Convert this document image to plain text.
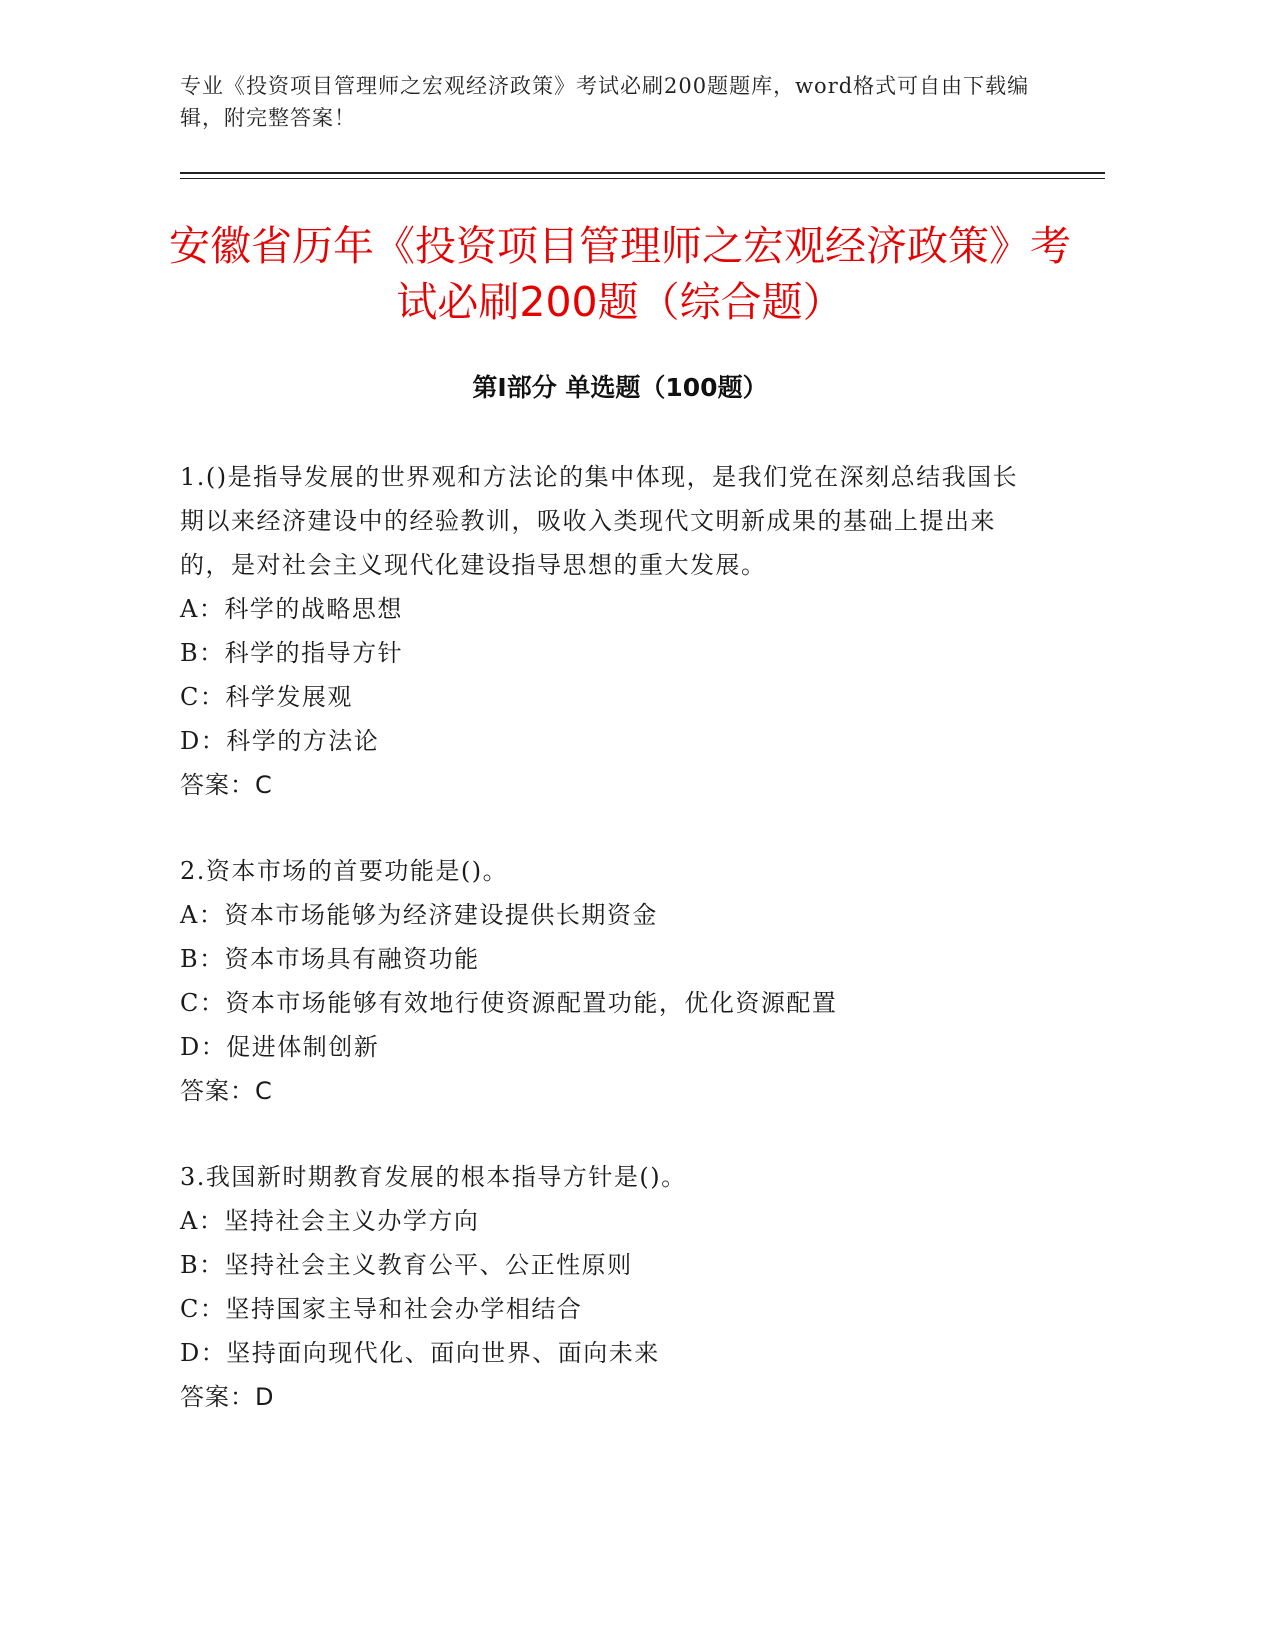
专业《投资项目管理师之宏观经济政策》考试必刷200题题库，word格式可自由下载编辑，附完整答案！
安徽省历年《投资项目管理师之宏观经济政策》考试必刷200题（综合题）
第I部分 单选题（100题）
1.()是指导发展的世界观和方法论的集中体现，是我们党在深刻总结我国长期以来经济建设中的经验教训，吸收入类现代文明新成果的基础上提出来的，是对社会主义现代化建设指导思想的重大发展。
A：科学的战略思想
B：科学的指导方针
C：科学发展观
D：科学的方法论
答案：C
2.资本市场的首要功能是()。
A：资本市场能够为经济建设提供长期资金
B：资本市场具有融资功能
C：资本市场能够有效地行使资源配置功能，优化资源配置
D：促进体制创新
答案：C
3.我国新时期教育发展的根本指导方针是()。
A：坚持社会主义办学方向
B：坚持社会主义教育公平、公正性原则
C：坚持国家主导和社会办学相结合
D：坚持面向现代化、面向世界、面向未来
答案：D
